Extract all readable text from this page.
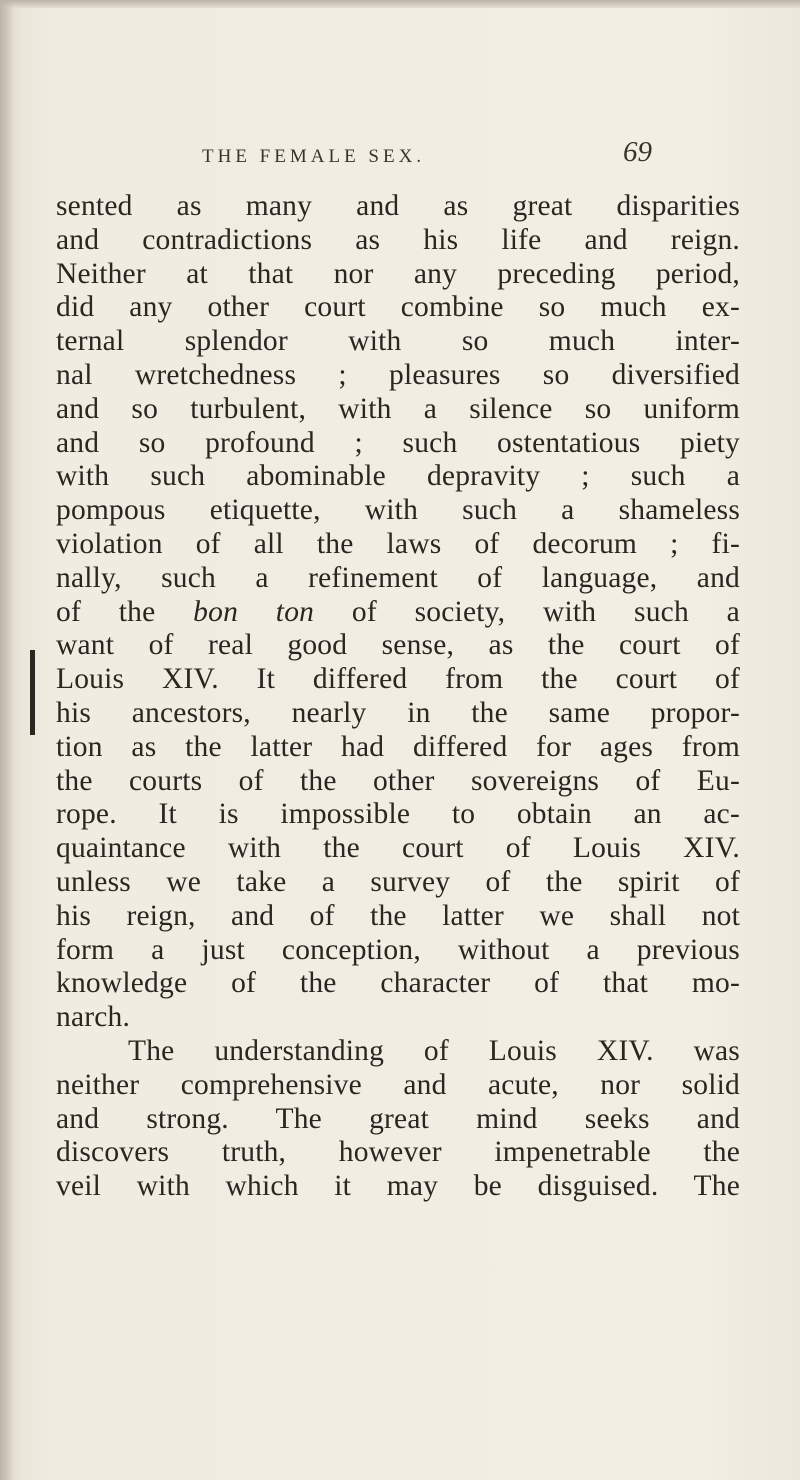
THE FEMALE SEX.	69
sented as many and as great disparities
and contradictions as his life and reign.
Neither at that nor any preceding period,
did any other court combine so much ex-
ternal splendor with so much inter-
nal wretchedness ; pleasures so diversified
and so turbulent, with a silence so uniform
and so profound ; such ostentatious piety
with such abominable depravity ; such a
pompous etiquette, with such a shameless
violation of all the laws of decorum ; fi-
nally, such a refinement of language, and
of the bon ton of society, with such a
want of real good sense, as the court of
Louis XIV. It differed from the court of
his ancestors, nearly in the same propor-
tion as the latter had differed for ages from
the courts of the other sovereigns of Eu-
rope. It is impossible to obtain an ac-
quaintance with the court of Louis XIV.
unless we take a survey of the spirit of
his reign, and of the latter we shall not
form a just conception, without a previous
knowledge of the character of that mo-
narch.
The understanding of Louis XIV. was
neither comprehensive and acute, nor solid
and strong. The great mind seeks and
discovers truth, however impenetrable the
veil with which it may be disguised. The
